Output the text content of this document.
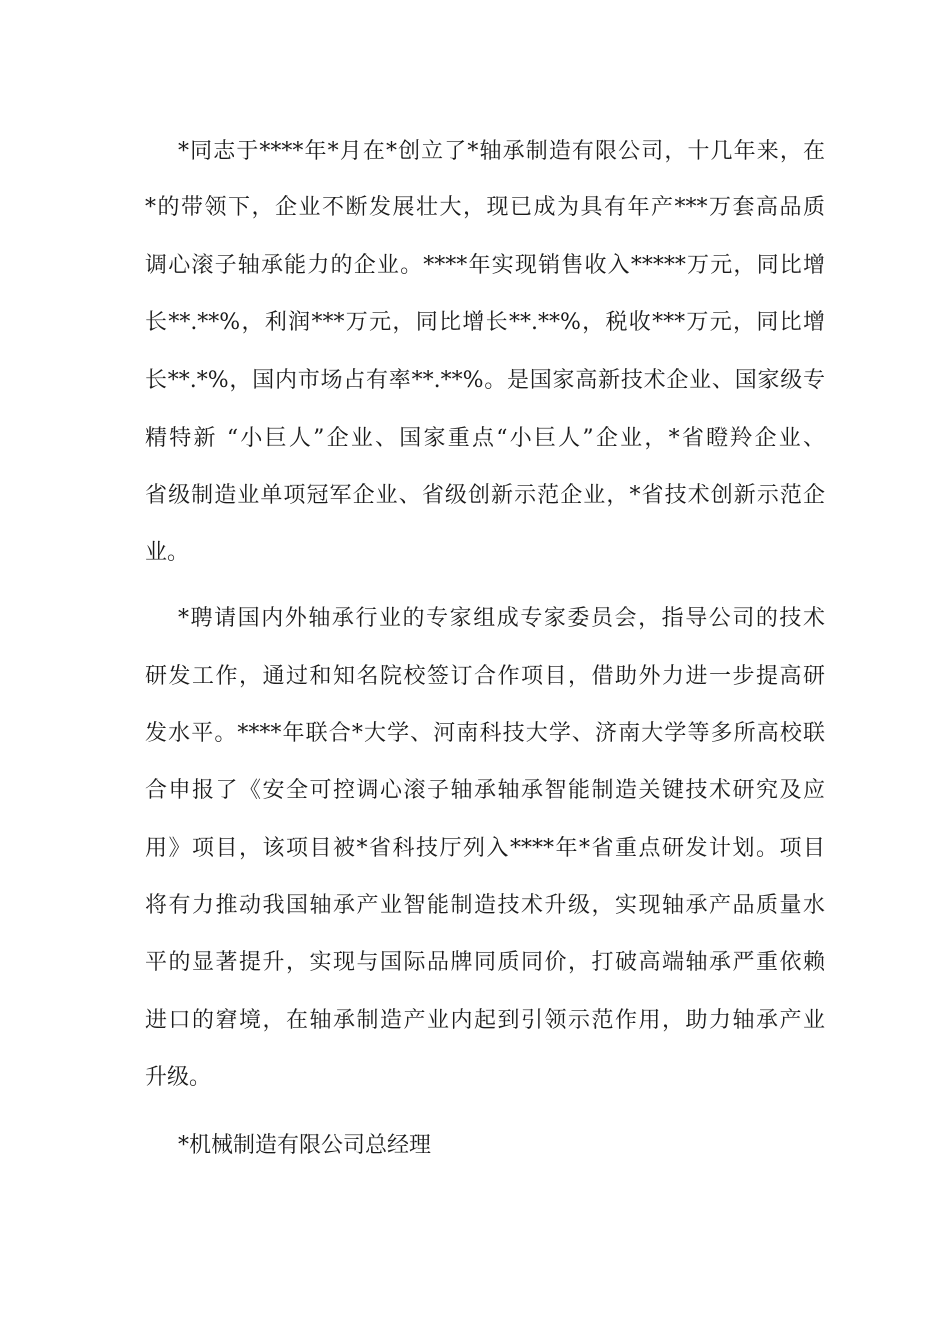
*同志于****年*月在*创立了*轴承制造有限公司，十几年来，在
*的带领下，企业不断发展壮大，现已成为具有年产***万套高品质
调心滚子轴承能力的企业。****年实现销售收入*****万元，同比增
长**.**%，利润***万元，同比增长**.**%，税收***万元，同比增
长**.*%，国内市场占有率**.**%。是国家高新技术企业、国家级专
精特新 “小巨人”企业、国家重点“小巨人”企业，*省瞪羚企业、
省级制造业单项冠军企业、省级创新示范企业，*省技术创新示范企
业。
*聘请国内外轴承行业的专家组成专家委员会，指导公司的技术
研发工作，通过和知名院校签订合作项目，借助外力进一步提高研
发水平。****年联合*大学、河南科技大学、济南大学等多所高校联
合申报了《安全可控调心滚子轴承轴承智能制造关键技术研究及应
用》项目，该项目被*省科技厅列入****年*省重点研发计划。项目
将有力推动我国轴承产业智能制造技术升级，实现轴承产品质量水
平的显著提升，实现与国际品牌同质同价，打破高端轴承严重依赖
进口的窘境，在轴承制造产业内起到引领示范作用，助力轴承产业
升级。
*机械制造有限公司总经理
